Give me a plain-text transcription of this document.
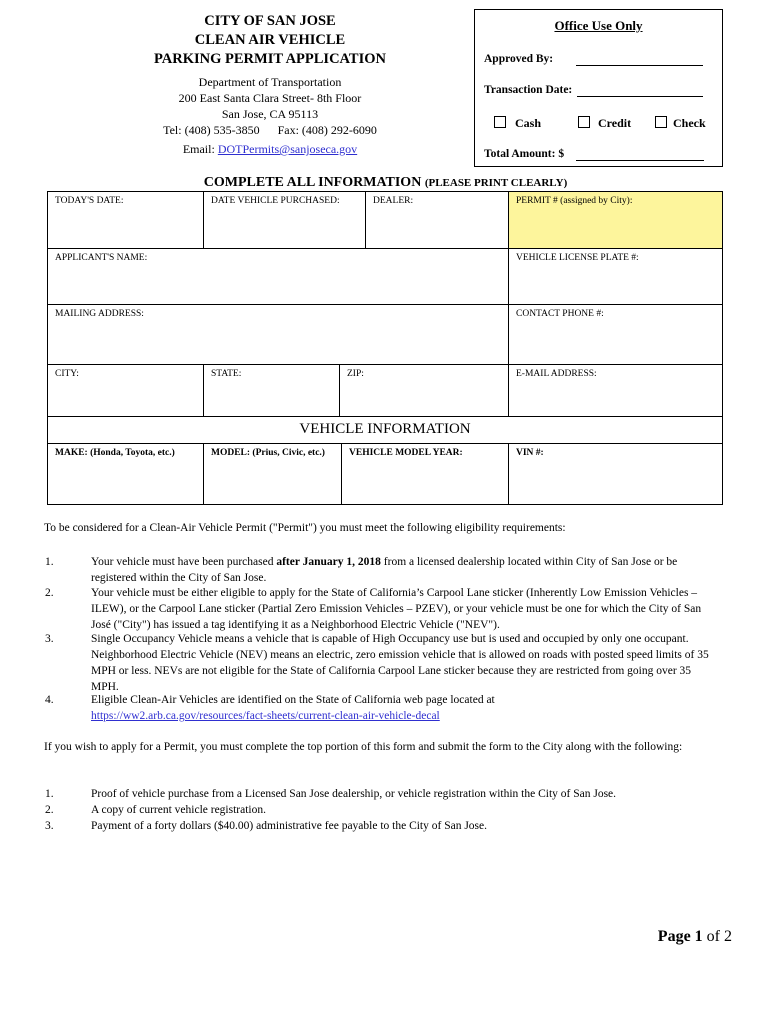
CITY OF SAN JOSE
CLEAN AIR VEHICLE
PARKING PERMIT APPLICATION
Department of Transportation
200 East Santa Clara Street- 8th Floor
San Jose, CA 95113
Tel: (408) 535-3850 Fax: (408) 292-6090
Email: DOTPermits@sanjoseca.gov
Office Use Only
Approved By:
Transaction Date:
Cash	Credit	Check
Total Amount: $
COMPLETE ALL INFORMATION (PLEASE PRINT CLEARLY)
TODAY'S DATE:	DATE VEHICLE PURCHASED:	DEALER:	PERMIT # (assigned by City):
APPLICANT'S NAME:	VEHICLE LICENSE PLATE #:
MAILING ADDRESS:	CONTACT PHONE #:
CITY:	STATE:	ZIP:	E-MAIL ADDRESS:
VEHICLE INFORMATION
MAKE: (Honda, Toyota, etc.)	MODEL: (Prius, Civic, etc.)	VEHICLE MODEL YEAR:	VIN #:
To be considered for a Clean-Air Vehicle Permit ("Permit") you must meet the following eligibility requirements:
1.	Your vehicle must have been purchased after January 1, 2018 from a licensed dealership located within City of San Jose or be registered within the City of San Jose.
2.	Your vehicle must be either eligible to apply for the State of California’s Carpool Lane sticker (Inherently Low Emission Vehicles – ILEW), or the Carpool Lane sticker (Partial Zero Emission Vehicles – PZEV), or your vehicle must be one for which the City of San José ("City") has issued a tag identifying it as a Neighborhood Electric Vehicle ("NEV").
3.	Single Occupancy Vehicle means a vehicle that is capable of High Occupancy use but is used and occupied by only one occupant. Neighborhood Electric Vehicle (NEV) means an electric, zero emission vehicle that is allowed on roads with posted speed limits of 35 MPH or less. NEVs are not eligible for the State of California Carpool Lane sticker because they are restricted from going over 35 MPH.
4.	Eligible Clean-Air Vehicles are identified on the State of California web page located at
https://ww2.arb.ca.gov/resources/fact-sheets/current-clean-air-vehicle-decal
If you wish to apply for a Permit, you must complete the top portion of this form and submit the form to the City along with the following:
1.	Proof of vehicle purchase from a Licensed San Jose dealership, or vehicle registration within the City of San Jose.
2.	A copy of current vehicle registration.
3.	Payment of a forty dollars ($40.00) administrative fee payable to the City of San Jose.
Page 1 of 2
